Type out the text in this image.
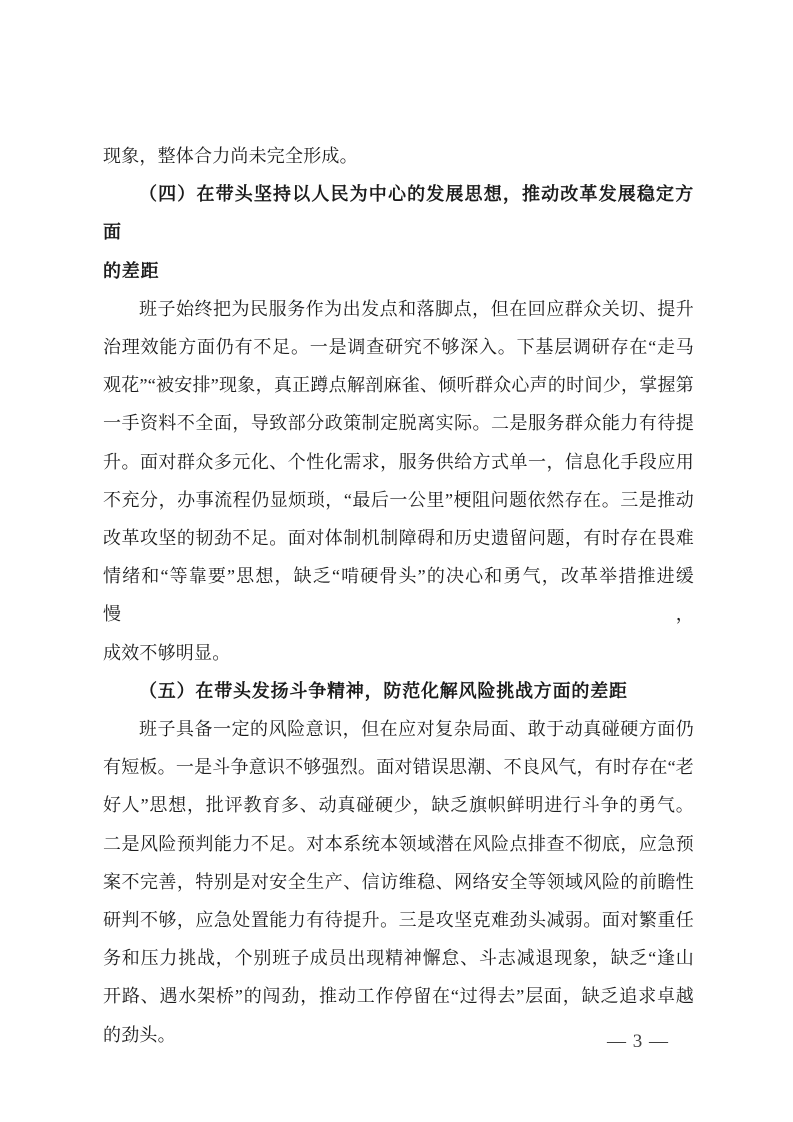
现象，整体合力尚未完全形成。
（四）在带头坚持以人民为中心的发展思想，推动改革发展稳定方面
的差距
班子始终把为民服务作为出发点和落脚点，但在回应群众关切、提升
治理效能方面仍有不足。一是调查研究不够深入。下基层调研存在“走马
观花”“被安排”现象，真正蹲点解剖麻雀、倾听群众心声的时间少，掌握第
一手资料不全面，导致部分政策制定脱离实际。二是服务群众能力有待提
升。面对群众多元化、个性化需求，服务供给方式单一，信息化手段应用
不充分，办事流程仍显烦琐，“最后一公里”梗阻问题依然存在。三是推动
改革攻坚的韧劲不足。面对体制机制障碍和历史遗留问题，有时存在畏难
情绪和“等靠要”思想，缺乏“啃硬骨头”的决心和勇气，改革举措推进缓慢，
成效不够明显。
（五）在带头发扬斗争精神，防范化解风险挑战方面的差距
班子具备一定的风险意识，但在应对复杂局面、敢于动真碰硬方面仍
有短板。一是斗争意识不够强烈。面对错误思潮、不良风气，有时存在“老
好人”思想，批评教育多、动真碰硬少，缺乏旗帜鲜明进行斗争的勇气。
二是风险预判能力不足。对本系统本领域潜在风险点排查不彻底，应急预
案不完善，特别是对安全生产、信访维稳、网络安全等领域风险的前瞻性
研判不够，应急处置能力有待提升。三是攻坚克难劲头减弱。面对繁重任
务和压力挑战，个别班子成员出现精神懈怠、斗志减退现象，缺乏“逢山
开路、遇水架桥”的闯劲，推动工作停留在“过得去”层面，缺乏追求卓越
的劲头。	— 3 —
